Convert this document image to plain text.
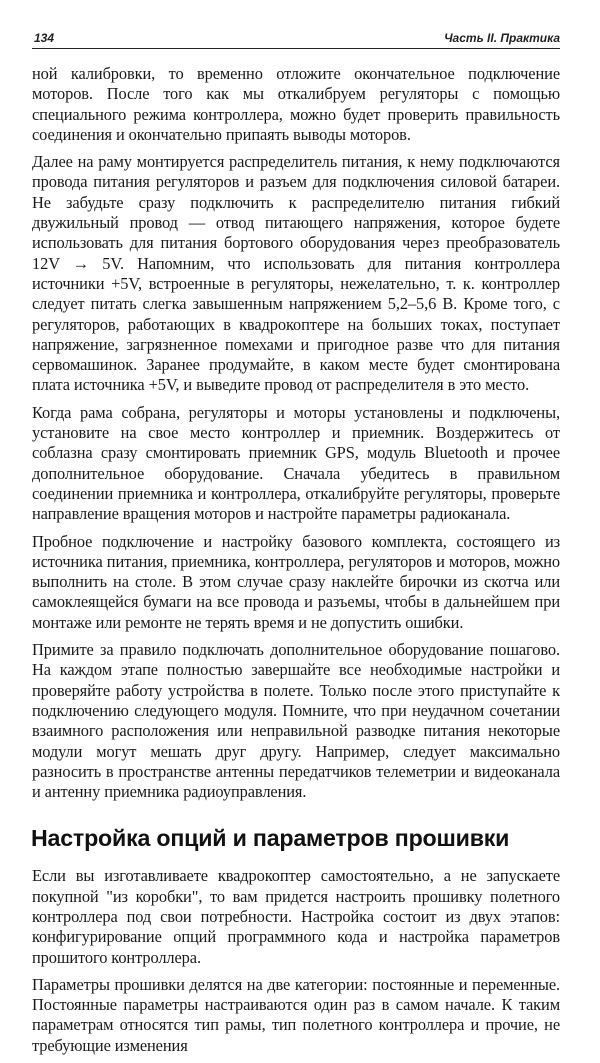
134	Часть II. Практика

ной калибровки, то временно отложите окончательное подключение моторов. После того как мы откалибруем регуляторы с помощью специального режима контроллера, можно будет проверить правильность соединения и окончательно припаять выводы моторов.

Далее на раму монтируется распределитель питания, к нему подключаются провода питания регуляторов и разъем для подключения силовой батареи. Не забудьте сразу подключить к распределителю питания гибкий двужильный провод — отвод питающего напряжения, которое будете использовать для питания бортового оборудования через преобразователь 12V → 5V. Напомним, что использовать для питания контроллера источники +5V, встроенные в регуляторы, нежелательно, т. к. контроллер следует питать слегка завышенным напряжением 5,2–5,6 В. Кроме того, с регуляторов, работающих в квадрокоптере на больших токах, поступает напряжение, загрязненное помехами и пригодное разве что для питания сервомашинок. Заранее продумайте, в каком месте будет смонтирована плата источника +5V, и выведите провод от распределителя в это место.

Когда рама собрана, регуляторы и моторы установлены и подключены, установите на свое место контроллер и приемник. Воздержитесь от соблазна сразу смонтировать приемник GPS, модуль Bluetooth и прочее дополнительное оборудование. Сначала убедитесь в правильном соединении приемника и контроллера, откалибруйте регуляторы, проверьте направление вращения моторов и настройте параметры радиоканала.

Пробное подключение и настройку базового комплекта, состоящего из источника питания, приемника, контроллера, регуляторов и моторов, можно выполнить на столе. В этом случае сразу наклейте бирочки из скотча или самоклеящейся бумаги на все провода и разъемы, чтобы в дальнейшем при монтаже или ремонте не терять время и не допустить ошибки.

Примите за правило подключать дополнительное оборудование пошагово. На каждом этапе полностью завершайте все необходимые настройки и проверяйте работу устройства в полете. Только после этого приступайте к подключению следующего модуля. Помните, что при неудачном сочетании взаимного расположения или неправильной разводке питания некоторые модули могут мешать друг другу. Например, следует максимально разносить в пространстве антенны передатчиков телеметрии и видеоканала и антенну приемника радиоуправления.

Настройка опций и параметров прошивки

Если вы изготавливаете квадрокоптер самостоятельно, а не запускаете покупной "из коробки", то вам придется настроить прошивку полетного контроллера под свои потребности. Настройка состоит из двух этапов: конфигурирование опций программного кода и настройка параметров прошитого контроллера.

Параметры прошивки делятся на две категории: постоянные и переменные. Постоянные параметры настраиваются один раз в самом начале. К таким параметрам относятся тип рамы, тип полетного контроллера и прочие, не требующие изменения
